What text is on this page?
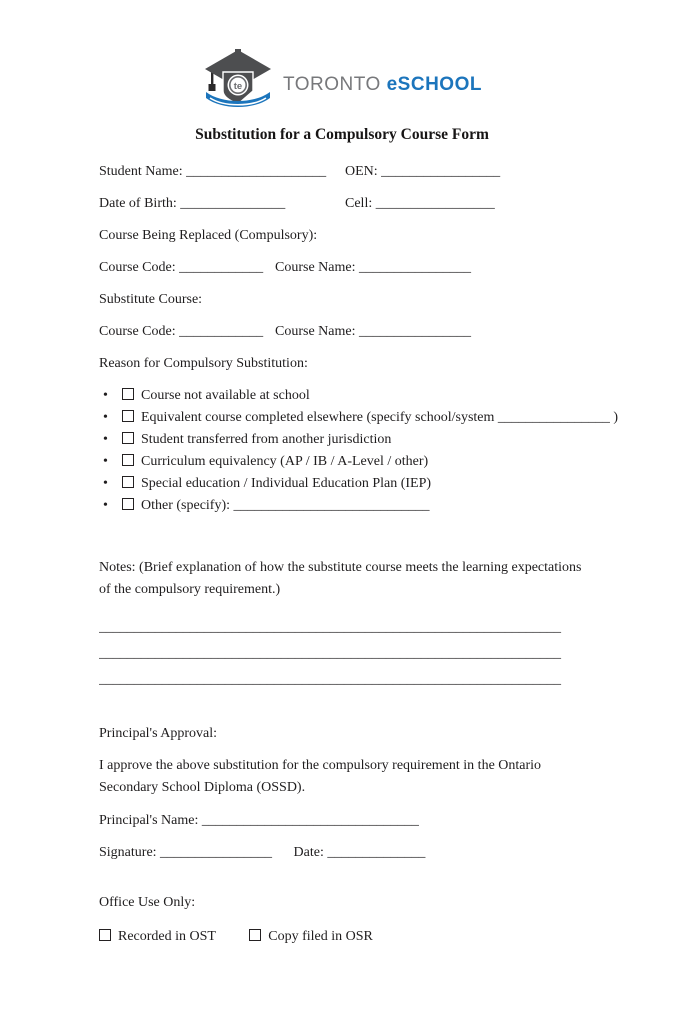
te TORONTO eSCHOOL
Substitution for a Compulsory Course Form
Student Name: ____________________	OEN: _________________
Date of Birth: _______________	Cell: _________________
Course Being Replaced (Compulsory):
Course Code: ____________ Course Name: ________________
Substitute Course:
Course Code: ____________ Course Name: ________________
Reason for Compulsory Substitution:
• Course not available at school
• Equivalent course completed elsewhere (specify school/system ________________ )
• Student transferred from another jurisdiction
• Curriculum equivalency (AP / IB / A-Level / other)
• Special education / Individual Education Plan (IEP)
• Other (specify): ____________________________
Notes: (Brief explanation of how the substitute course meets the learning expectations of the compulsory requirement.)
__________________________________________________________________
__________________________________________________________________
__________________________________________________________________
Principal's Approval:

I approve the above substitution for the compulsory requirement in the Ontario Secondary School Diploma (OSSD).

Principal's Name: _______________________________
Signature: ________________ Date: ______________
Office Use Only:
Recorded in OST	Copy filed in OSR
